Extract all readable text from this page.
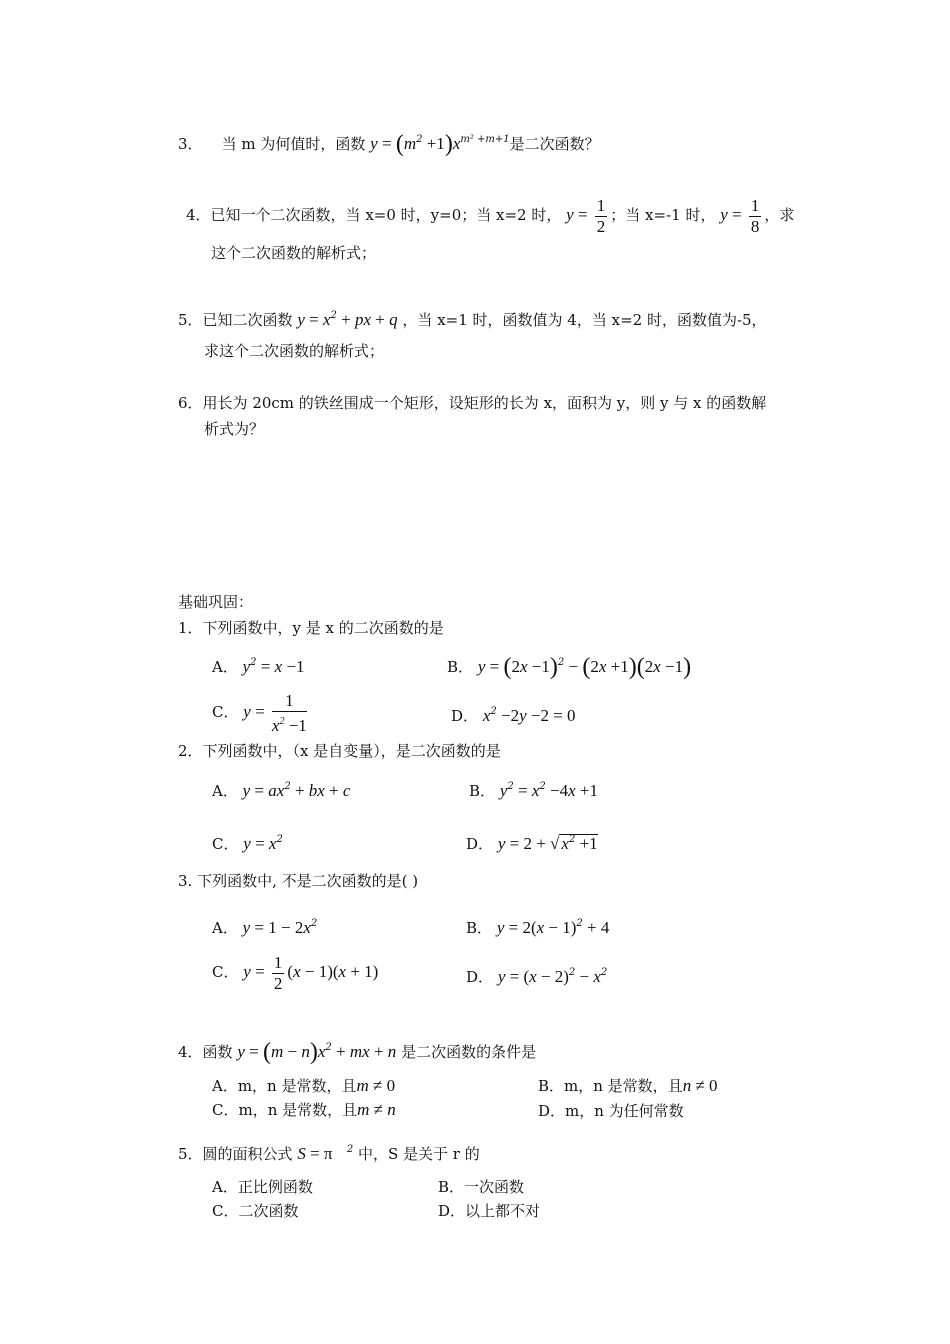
3． 当 m 为何值时，函数 $y = (m^2 +1)x^{m^2 +m+1}$是二次函数？
4．已知一个二次函数，当 x=0 时，y=0；当 x=2 时， $y = \frac{1}{2}$ ；当 x=-1 时， $y = \frac{1}{8}$ ，求
这个二次函数的解析式；
5．已知二次函数 $y = x^2$ + px + q ，当 x=1 时，函数值为 4，当 x=2 时，函数值为-5，
求这个二次函数的解析式；
6．用长为 20cm 的铁丝围成一个矩形，设矩形的长为 x，面积为 y，则 y 与 x 的函数解
析式为？
基础巩固：
1．下列函数中，y 是 x 的二次函数的是
A． $y^2 = x -1$	B． $y = (2x -1)^2 - (2x +1)(2x -1)$
C． $y = \frac{1}{x^2 -1}$	D． $x^2 -2y -2 = 0$
2．下列函数中，（x 是自变量），是二次函数的是
A． $y = ax^2$ + bx + c	B． $y^2 = x^2 -4x +1$
C． $y = x^2$	D． y = 2 + √ $x^2 +1$
3. 下列函数中, 不是二次函数的是( )
A． $y = 1 - 2x^2$	B． $y = 2(x - 1)^2 + 4$
C． $y = \frac{1}{2} (x - 1)(x + 1)$	D． $y = (x - 2)^2 - x^2$
4．函数 $y = (m - n)x^2$ + mx + n 是二次函数的条件是
A．m，n 是常数，且m ≠ 0	B．m，n 是常数，且n ≠ 0
C．m，n 是常数，且m ≠ n	D．m，n 为任何常数
5．圆的面积公式 S = π $^2$ 中，S 是关于 r 的
A．正比例函数	B．一次函数
C．二次函数	D．以上都不对
